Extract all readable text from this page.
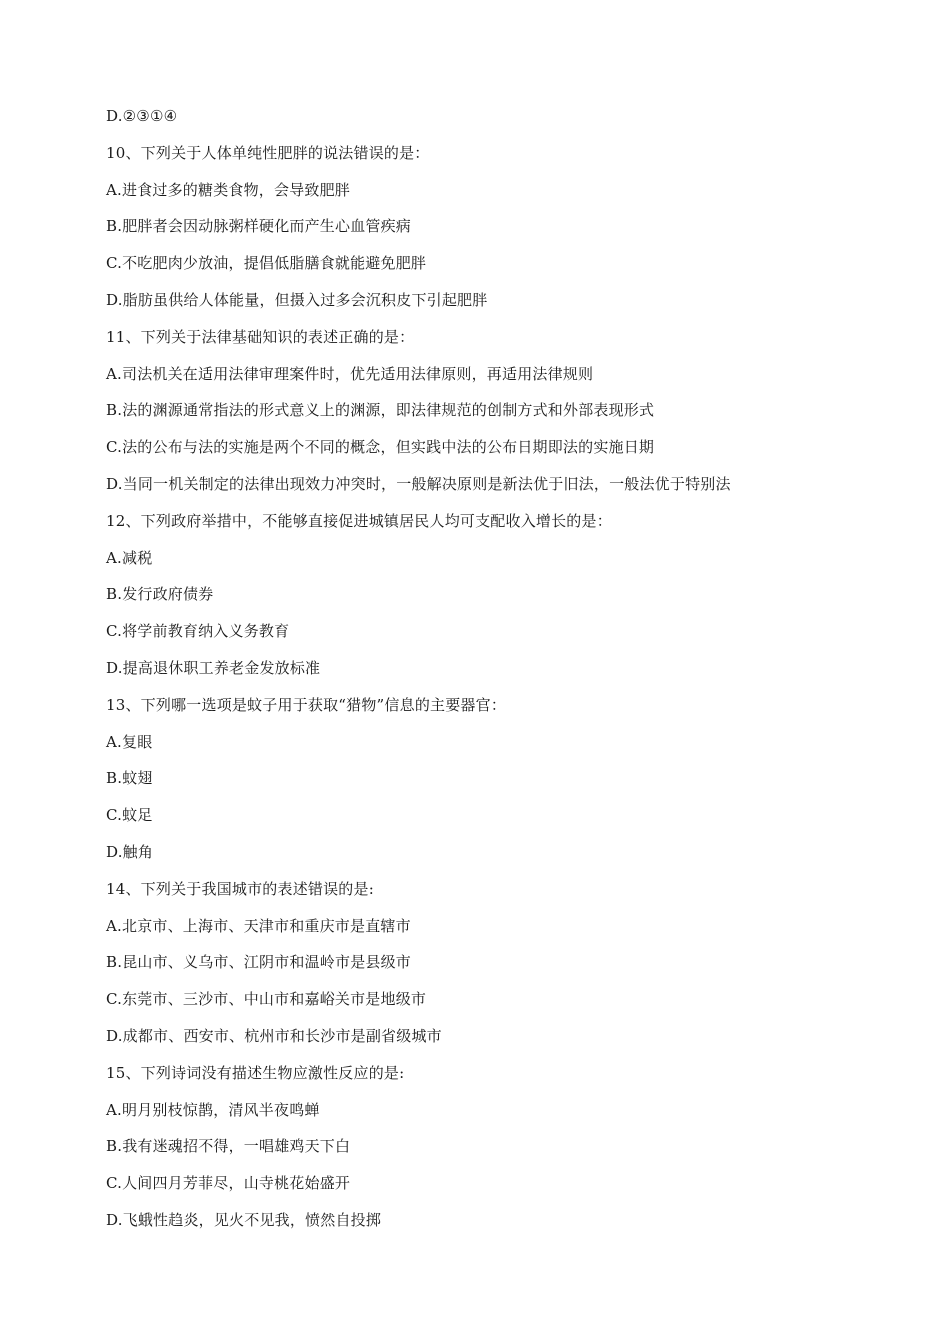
D.②③①④
10、下列关于人体单纯性肥胖的说法错误的是：
A.进食过多的糖类食物，会导致肥胖
B.肥胖者会因动脉粥样硬化而产生心血管疾病
C.不吃肥肉少放油，提倡低脂膳食就能避免肥胖
D.脂肪虽供给人体能量，但摄入过多会沉积皮下引起肥胖
11、下列关于法律基础知识的表述正确的是：
A.司法机关在适用法律审理案件时，优先适用法律原则，再适用法律规则
B.法的渊源通常指法的形式意义上的渊源，即法律规范的创制方式和外部表现形式
C.法的公布与法的实施是两个不同的概念，但实践中法的公布日期即法的实施日期
D.当同一机关制定的法律出现效力冲突时，一般解决原则是新法优于旧法，一般法优于特别法
12、下列政府举措中，不能够直接促进城镇居民人均可支配收入增长的是：
A.减税
B.发行政府债券
C.将学前教育纳入义务教育
D.提高退休职工养老金发放标准
13、下列哪一选项是蚊子用于获取“猎物”信息的主要器官：
A.复眼
B.蚊翅
C.蚊足
D.触角
14、下列关于我国城市的表述错误的是:
A.北京市、上海市、天津市和重庆市是直辖市
B.昆山市、义乌市、江阴市和温岭市是县级市
C.东莞市、三沙市、中山市和嘉峪关市是地级市
D.成都市、西安市、杭州市和长沙市是副省级城市
15、下列诗词没有描述生物应激性反应的是:
A.明月别枝惊鹊，清风半夜鸣蝉
B.我有迷魂招不得，一唱雄鸡天下白
C.人间四月芳菲尽，山寺桃花始盛开
D.飞蛾性趋炎，见火不见我，愤然自投掷
